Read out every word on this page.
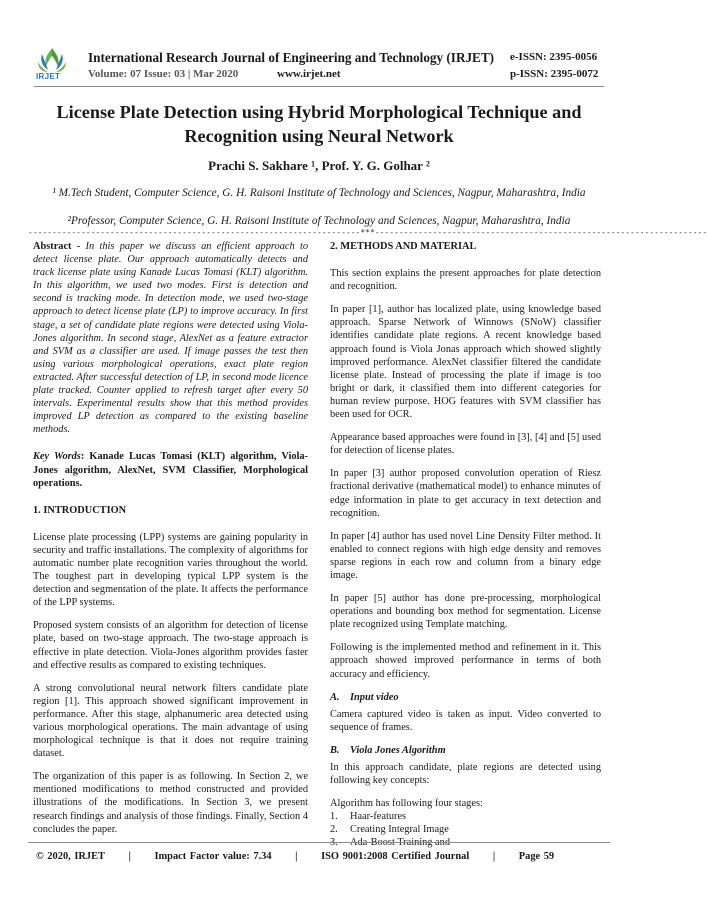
IRJET
International Research Journal of Engineering and Technology (IRJET) e-ISSN: 2395-0056
Volume: 07 Issue: 03 | Mar 2020	www.irjet.net	p-ISSN: 2395-0072
License Plate Detection using Hybrid Morphological Technique and Recognition using Neural Network
Prachi S. Sakhare ¹, Prof. Y. G. Golhar ²
¹ M.Tech Student, Computer Science, G. H. Raisoni Institute of Technology and Sciences, Nagpur, Maharashtra, India
²Professor, Computer Science, G. H. Raisoni Institute of Technology and Sciences, Nagpur, Maharashtra, India
---------------------------------------------------------------------***---------------------------------------------------------------------

Abstract - In this paper we discuss an efficient approach to detect license plate. Our approach automatically detects and track license plate using Kanade Lucas Tomasi (KLT) algorithm. In this algorithm, we used two modes. First is detection and second is tracking mode. In detection mode, we used two-stage approach to detect license plate (LP) to improve accuracy. In first stage, a set of candidate plate regions were detected using Viola-Jones algorithm. In second stage, AlexNet as a feature extractor and SVM as a classifier are used. If image passes the test then using various morphological operations, exact plate region extracted. After successful detection of LP, in second mode licence plate tracked. Counter applied to refresh target after every 50 intervals. Experimental results show that this method provides improved LP detection as compared to the existing baseline methods.

Key Words: Kanade Lucas Tomasi (KLT) algorithm, Viola-Jones algorithm, AlexNet, SVM Classifier, Morphological operations.

1. INTRODUCTION

License plate processing (LPP) systems are gaining popularity in security and traffic installations. The complexity of algorithms for automatic number plate recognition varies throughout the world. The toughest part in developing typical LPP system is the detection and segmentation of the plate. It affects the performance of the LPP systems.

Proposed system consists of an algorithm for detection of license plate, based on two-stage approach. The two-stage approach is effective in plate detection. Viola-Jones algorithm provides faster and effective results as compared to existing techniques.

A strong convolutional neural network filters candidate plate region [1]. This approach showed significant improvement in performance. After this stage, alphanumeric area detected using various morphological operations. The main advantage of using morphological technique is that it does not require training dataset.

The organization of this paper is as following. In Section 2, we mentioned modifications to method constructed and provided illustrations of the modifications. In Section 3, we present research findings and analysis of those findings. Finally, Section 4 concludes the paper.

2. METHODS AND MATERIAL

This section explains the present approaches for plate detection and recognition.

In paper [1], author has localized plate, using knowledge based approach. Sparse Network of Winnows (SNoW) classifier identifies candidate plate regions. A recent knowledge based approach found is Viola Jonas approach which showed slightly improved performance. AlexNet classifier filtered the candidate license plate. Instead of processing the plate if image is too bright or dark, it classified them into different categories for human review purpose. HOG features with SVM classifier has been used for OCR.

Appearance based approaches were found in [3], [4] and [5] used for detection of license plates.

In paper [3] author proposed convolution operation of Riesz fractional derivative (mathematical model) to enhance minutes of edge information in plate to get accuracy in text detection and recognition.

In paper [4] author has used novel Line Density Filter method. It enabled to connect regions with high edge density and removes sparse regions in each row and column from a binary edge image.

In paper [5] author has done pre-processing, morphological operations and bounding box method for segmentation. License plate recognized using Template matching.

Following is the implemented method and refinement in it. This approach showed improved performance in terms of both accuracy and efficiency.

A. Input video

Camera captured video is taken as input. Video converted to sequence of frames.

B. Viola Jones Algorithm

In this approach candidate, plate regions are detected using following key concepts:

Algorithm has following four stages:
1. Haar-features
2. Creating Integral Image
© 2020, IRJET | Impact Factor value: 7.34 | ISO 9001:2008 Certified Journal | Page 59
